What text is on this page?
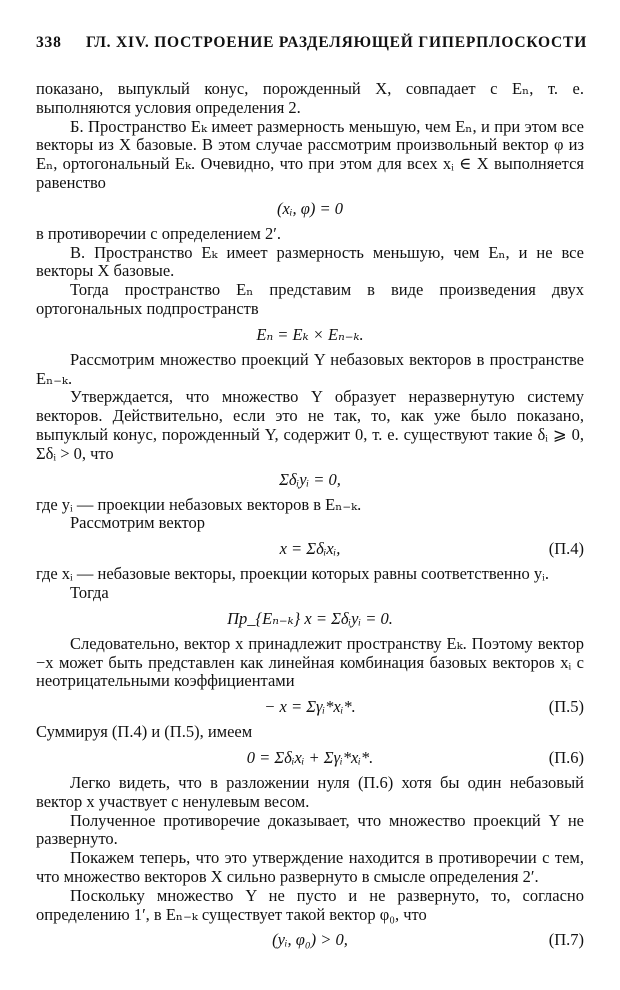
338 ГЛ. XIV. ПОСТРОЕНИЕ РАЗДЕЛЯЮЩЕЙ ГИПЕРПЛОСКОСТИ

показано, выпуклый конус, порожденный X, совпадает с Eₙ, т. е. выполняются условия определения 2.

Б. Пространство Eₖ имеет размерность меньшую, чем Eₙ, и при этом все векторы из X базовые. В этом случае рассмотрим произвольный вектор φ из Eₙ, ортогональный Eₖ. Очевидно, что при этом для всех xᵢ ∈ X выполняется равенство

(xᵢ, φ) = 0

в противоречии с определением 2′.

В. Пространство Eₖ имеет размерность меньшую, чем Eₙ, и не все векторы X базовые.

Тогда пространство Eₙ представим в виде произведения двух ортогональных подпространств

Eₙ = Eₖ × Eₙ₋ₖ.

Рассмотрим множество проекций Y небазовых векторов в пространстве Eₙ₋ₖ.

Утверждается, что множество Y образует неразвернутую систему векторов. Действительно, если это не так, то, как уже было показано, выпуклый конус, порожденный Y, содержит 0, т. е. существуют такие δᵢ ⩾ 0, Σδᵢ > 0, что

Σδᵢyᵢ = 0,

где yᵢ — проекции небазовых векторов в Eₙ₋ₖ.

Рассмотрим вектор

x = Σδᵢxᵢ,	(П.4)

где xᵢ — небазовые векторы, проекции которых равны соответственно yᵢ.

Тогда

Пр_{Eₙ₋ₖ} x = Σδᵢyᵢ = 0.

Следовательно, вектор x принадлежит пространству Eₖ. Поэтому вектор −x может быть представлен как линейная комбинация базовых векторов xᵢ с неотрицательными коэффициентами

− x = Σγᵢ*xᵢ*.	(П.5)

Суммируя (П.4) и (П.5), имеем

0 = Σδᵢxᵢ + Σγᵢ*xᵢ*.	(П.6)

Легко видеть, что в разложении нуля (П.6) хотя бы один небазовый вектор x участвует с ненулевым весом.

Полученное противоречие доказывает, что множество проекций Y не развернуто.

Покажем теперь, что это утверждение находится в противоречии с тем, что множество векторов X сильно развернуто в смысле определения 2′.

Поскольку множество Y не пусто и не развернуто, то, согласно определению 1′, в Eₙ₋ₖ существует такой вектор φ₀, что

(yᵢ, φ₀) > 0,	(П.7)
